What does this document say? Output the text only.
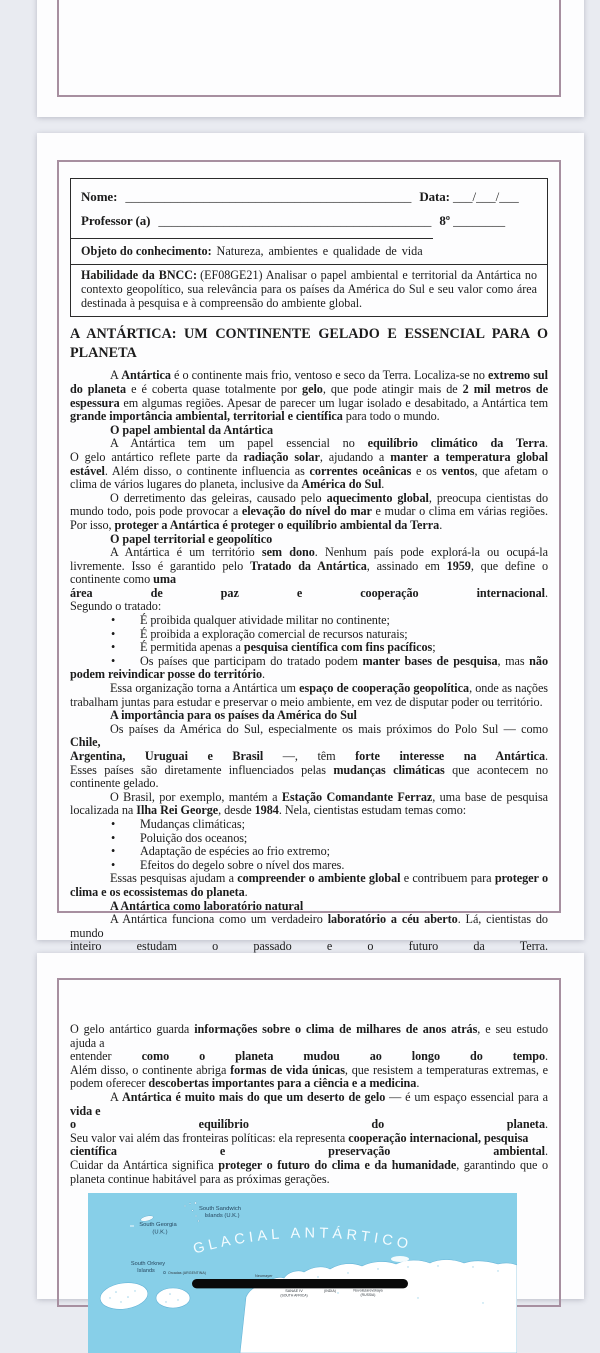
Nome: ____________________________________________ Data: ___/___/___
Professor (a) __________________________________________ 8º ________
Objeto do conhecimento: Natureza, ambientes e qualidade de vida
Habilidade da BNCC: (EF08GE21) Analisar o papel ambiental e territorial da Antártica no contexto geopolítico, sua relevância para os países da América do Sul e seu valor como área destinada à pesquisa e à compreensão do ambiente global.
A ANTÁRTICA: UM CONTINENTE GELADO E ESSENCIAL PARA O
PLANETA
A Antártica é o continente mais frio, ventoso e seco da Terra. Localiza-se no extremo sul do planeta e é coberta quase totalmente por gelo, que pode atingir mais de 2 mil metros de espessura em algumas regiões. Apesar de parecer um lugar isolado e desabitado, a Antártica tem grande importância ambiental, territorial e científica para todo o mundo.
O papel ambiental da Antártica
A Antártica tem um papel essencial no equilíbrio climático da Terra.
O gelo antártico reflete parte da radiação solar, ajudando a manter a temperatura global estável. Além disso, o continente influencia as correntes oceânicas e os ventos, que afetam o clima de vários lugares do planeta, inclusive da América do Sul.
O derretimento das geleiras, causado pelo aquecimento global, preocupa cientistas do mundo todo, pois pode provocar a elevação do nível do mar e mudar o clima em várias regiões. Por isso, proteger a Antártica é proteger o equilíbrio ambiental da Terra.
O papel territorial e geopolítico
A Antártica é um território sem dono. Nenhum país pode explorá-la ou ocupá-la livremente. Isso é garantido pelo Tratado da Antártica, assinado em 1959, que define o continente como uma
área de paz e cooperação internacional.
Segundo o tratado:
• É proibida qualquer atividade militar no continente;
• É proibida a exploração comercial de recursos naturais;
• É permitida apenas a pesquisa científica com fins pacíficos;
• Os países que participam do tratado podem manter bases de pesquisa, mas não podem reivindicar posse do território.
Essa organização torna a Antártica um espaço de cooperação geopolítica, onde as nações trabalham juntas para estudar e preservar o meio ambiente, em vez de disputar poder ou território.
A importância para os países da América do Sul
Os países da América do Sul, especialmente os mais próximos do Polo Sul — como Chile,
Argentina, Uruguai e Brasil —, têm forte interesse na Antártica.
Esses países são diretamente influenciados pelas mudanças climáticas que acontecem no continente gelado.
O Brasil, por exemplo, mantém a Estação Comandante Ferraz, uma base de pesquisa localizada na Ilha Rei George, desde 1984. Nela, cientistas estudam temas como:
• Mudanças climáticas;
• Poluição dos oceanos;
• Adaptação de espécies ao frio extremo;
• Efeitos do degelo sobre o nível dos mares.
Essas pesquisas ajudam a compreender o ambiente global e contribuem para proteger o clima e os ecossistemas do planeta.
A Antártica como laboratório natural
A Antártica funciona como um verdadeiro laboratório a céu aberto. Lá, cientistas do mundo
inteiro estudam o passado e o futuro da Terra.
O gelo antártico guarda informações sobre o clima de milhares de anos atrás, e seu estudo ajuda a
entender como o planeta mudou ao longo do tempo.
Além disso, o continente abriga formas de vida únicas, que resistem a temperaturas extremas, e podem oferecer descobertas importantes para a ciência e a medicina.
A Antártica é muito mais do que um deserto de gelo — é um espaço essencial para a vida e
o equilíbrio do planeta.
Seu valor vai além das fronteiras políticas: ela representa cooperação internacional, pesquisa
científica e preservação ambiental.
Cuidar da Antártica significa proteger o futuro do clima e da humanidade, garantindo que o planeta continue habitável para as próximas gerações.
South Sandwich
Islands (U.K.)
South Georgia
(U.K.)
GLACIAL ANTÁRTICO
South Orkney
Islands	Orcadas (ARGENTINA)
Neumayer
SANAE IV
(SOUTH AFRICA)
(INDIA)	Novolazarevskaya
(RUSSIA)
